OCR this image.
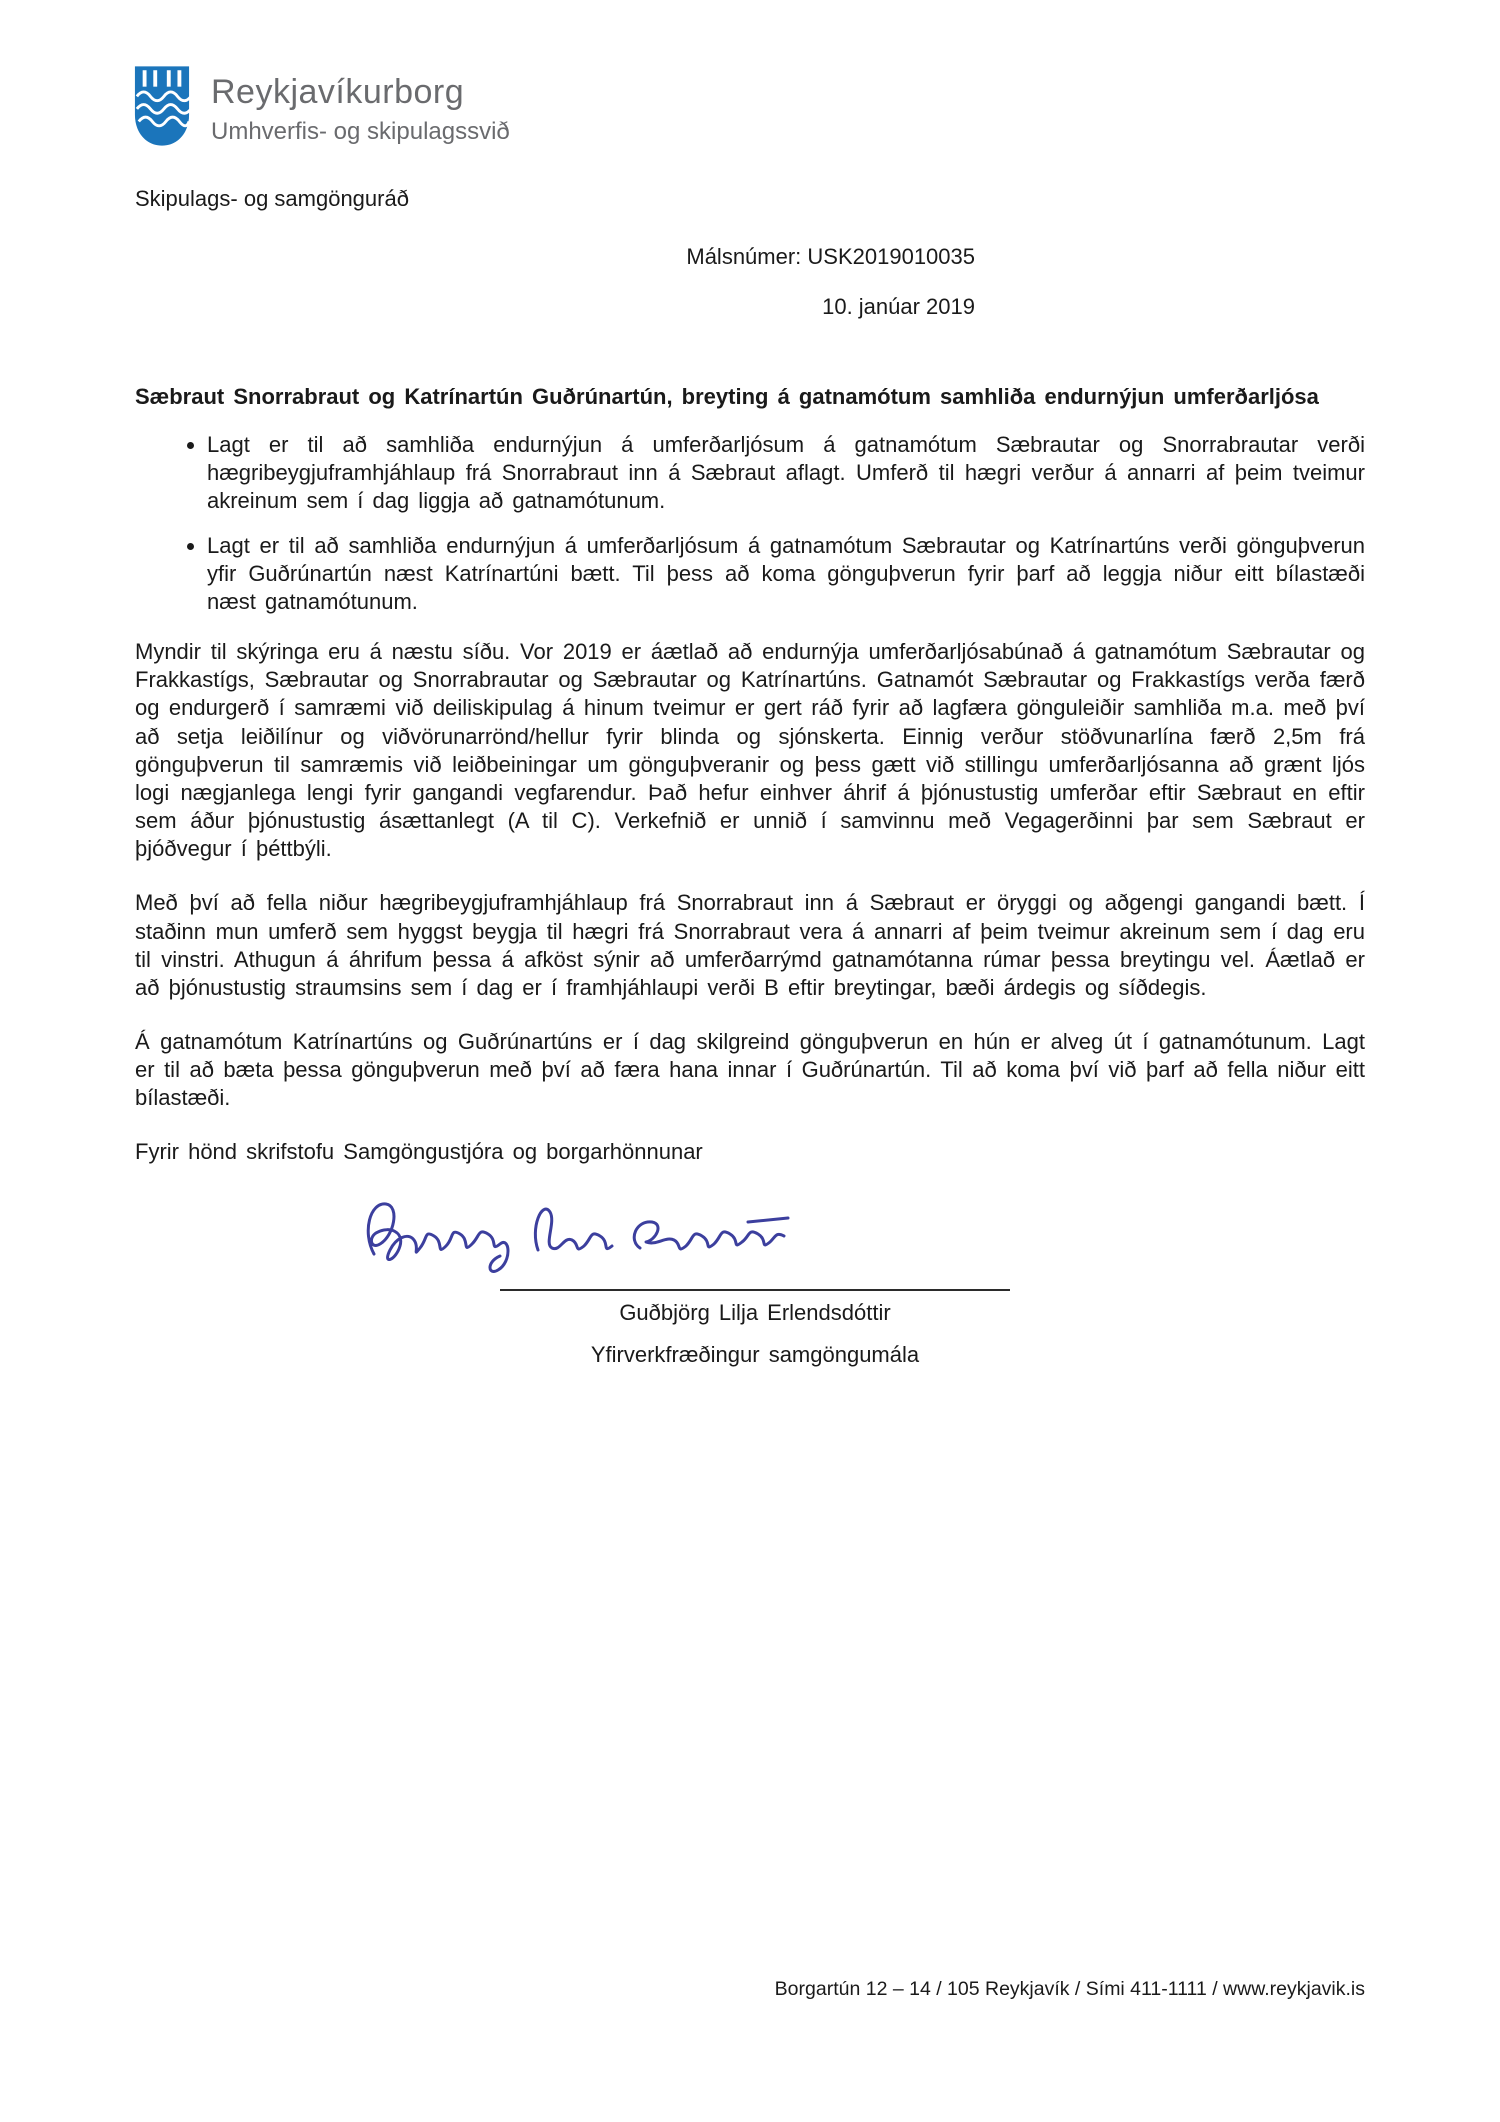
Reykjavíkurborg
Umhverfis- og skipulagssvið
Skipulags- og samgönguráð
Málsnúmer: USK2019010035
10. janúar 2019

Sæbraut Snorrabraut og Katrínartún Guðrúnartún, breyting á gatnamótum samhliða endurnýjun umferðarljósa

• Lagt er til að samhliða endurnýjun á umferðarljósum á gatnamótum Sæbrautar og Snorrabrautar verði hægribeygjuframhjáhlaup frá Snorrabraut inn á Sæbraut aflagt. Umferð til hægri verður á annarri af þeim tveimur akreinum sem í dag liggja að gatnamótunum.
• Lagt er til að samhliða endurnýjun á umferðarljósum á gatnamótum Sæbrautar og Katrínartúns verði gönguþverun yfir Guðrúnartún næst Katrínartúni bætt. Til þess að koma gönguþverun fyrir þarf að leggja niður eitt bílastæði næst gatnamótunum.

Myndir til skýringa eru á næstu síðu. Vor 2019 er áætlað að endurnýja umferðarljósabúnað á gatnamótum Sæbrautar og Frakkastígs, Sæbrautar og Snorrabrautar og Sæbrautar og Katrínartúns. Gatnamót Sæbrautar og Frakkastígs verða færð og endurgerð í samræmi við deiliskipulag á hinum tveimur er gert ráð fyrir að lagfæra gönguleiðir samhliða m.a. með því að setja leiðilínur og viðvörunarrönd/hellur fyrir blinda og sjónskerta. Einnig verður stöðvunarlína færð 2,5m frá gönguþverun til samræmis við leiðbeiningar um gönguþveranir og þess gætt við stillingu umferðarljósanna að grænt ljós logi nægjanlega lengi fyrir gangandi vegfarendur. Það hefur einhver áhrif á þjónustustig umferðar eftir Sæbraut en eftir sem áður þjónustustig ásættanlegt (A til C). Verkefnið er unnið í samvinnu með Vegagerðinni þar sem Sæbraut er þjóðvegur í þéttbýli.

Með því að fella niður hægribeygjuframhjáhlaup frá Snorrabraut inn á Sæbraut er öryggi og aðgengi gangandi bætt. Í staðinn mun umferð sem hyggst beygja til hægri frá Snorrabraut vera á annarri af þeim tveimur akreinum sem í dag eru til vinstri. Athugun á áhrifum þessa á afköst sýnir að umferðarrýmd gatnamótanna rúmar þessa breytingu vel. Áætlað er að þjónustustig straumsins sem í dag er í framhjáhlaupi verði B eftir breytingar, bæði árdegis og síðdegis.

Á gatnamótum Katrínartúns og Guðrúnartúns er í dag skilgreind gönguþverun en hún er alveg út í gatnamótunum. Lagt er til að bæta þessa gönguþverun með því að færa hana innar í Guðrúnartún. Til að koma því við þarf að fella niður eitt bílastæði.

Fyrir hönd skrifstofu Samgöngustjóra og borgarhönnunar

Guðbjörg Lilja Erlendsdóttir
Yfirverkfræðingur samgöngumála
Borgartún 12 – 14 / 105 Reykjavík / Sími 411-1111 / www.reykjavik.is
